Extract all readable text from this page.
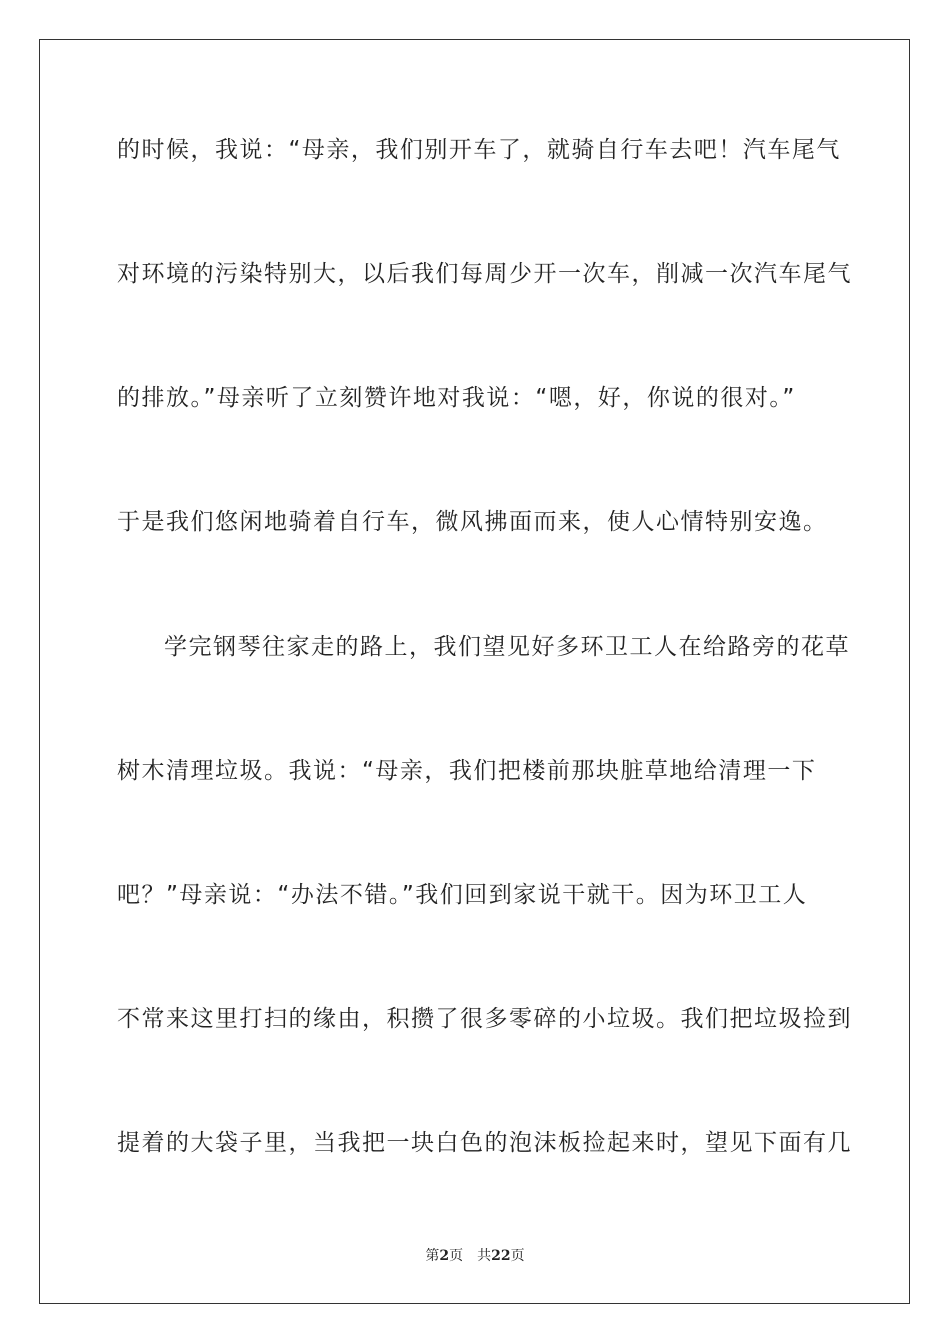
的时候，我说：“母亲，我们别开车了，就骑自行车去吧！汽车尾气
对环境的污染特别大，以后我们每周少开一次车，削减一次汽车尾气
的排放。”母亲听了立刻赞许地对我说：“嗯，好，你说的很对。”
于是我们悠闲地骑着自行车，微风拂面而来，使人心情特别安逸。
学完钢琴往家走的路上，我们望见好多环卫工人在给路旁的花草
树木清理垃圾。我说：“母亲，我们把楼前那块脏草地给清理一下
吧？”母亲说：“办法不错。”我们回到家说干就干。因为环卫工人
不常来这里打扫的缘由，积攒了很多零碎的小垃圾。我们把垃圾捡到
提着的大袋子里，当我把一块白色的泡沫板捡起来时，望见下面有几
第2页 共22页
